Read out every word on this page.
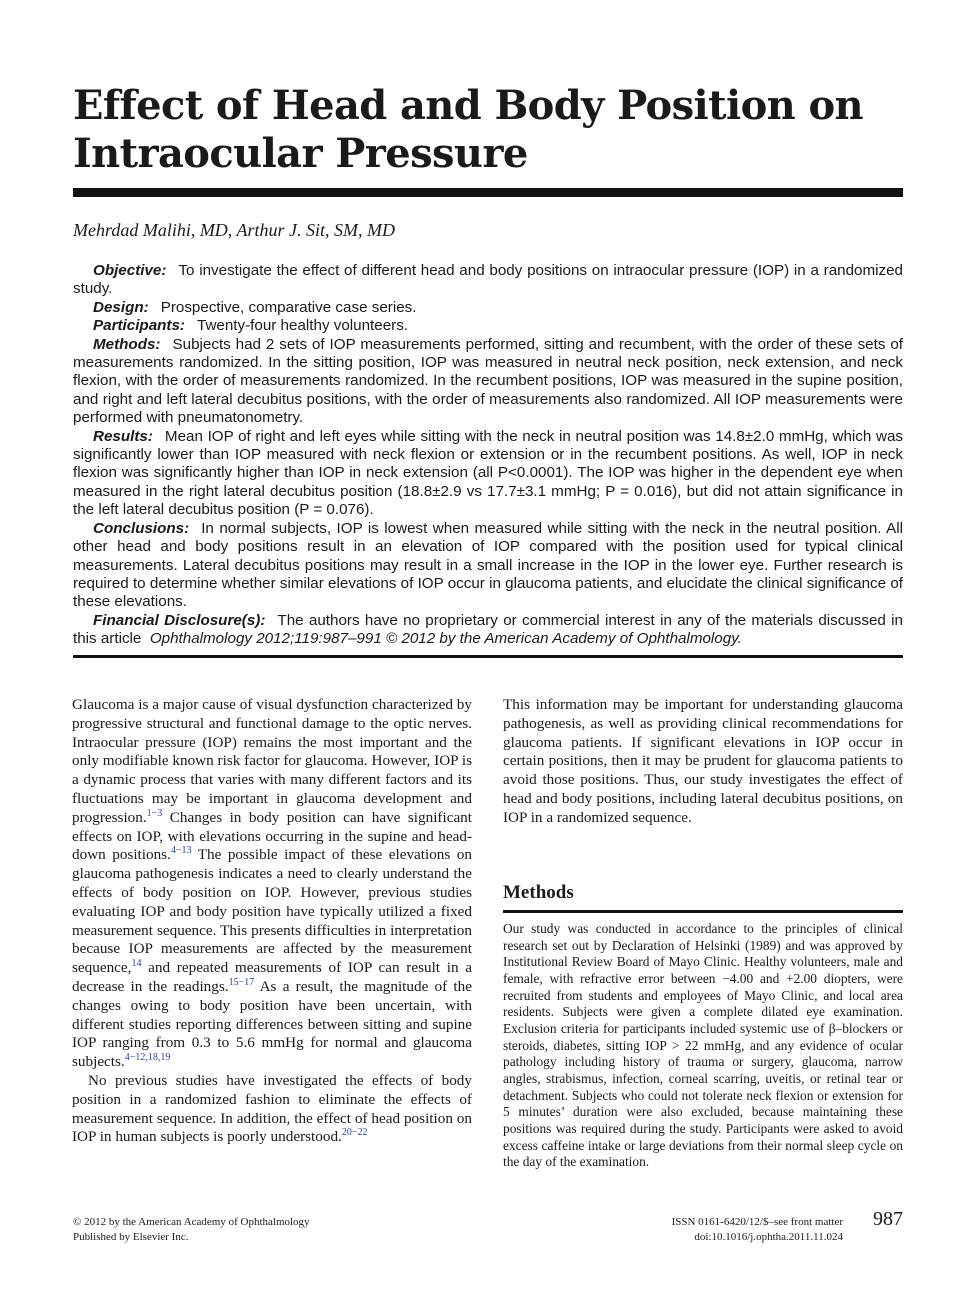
Effect of Head and Body Position on Intraocular Pressure
Mehrdad Malihi, MD, Arthur J. Sit, SM, MD

Objective: To investigate the effect of different head and body positions on intraocular pressure (IOP) in a randomized study.

Design: Prospective, comparative case series.

Participants: Twenty-four healthy volunteers.

Methods: Subjects had 2 sets of IOP measurements performed, sitting and recumbent, with the order of these sets of measurements randomized. In the sitting position, IOP was measured in neutral neck position, neck extension, and neck flexion, with the order of measurements randomized. In the recumbent positions, IOP was measured in the supine position, and right and left lateral decubitus positions, with the order of measurements also randomized. All IOP measurements were performed with pneumatonometry.

Results: Mean IOP of right and left eyes while sitting with the neck in neutral position was 14.8±2.0 mmHg, which was significantly lower than IOP measured with neck flexion or extension or in the recumbent positions. As well, IOP in neck flexion was significantly higher than IOP in neck extension (all P<0.0001). The IOP was higher in the dependent eye when measured in the right lateral decubitus position (18.8±2.9 vs 17.7±3.1 mmHg; P = 0.016), but did not attain significance in the left lateral decubitus position (P = 0.076).

Conclusions: In normal subjects, IOP is lowest when measured while sitting with the neck in the neutral position. All other head and body positions result in an elevation of IOP compared with the position used for typical clinical measurements. Lateral decubitus positions may result in a small increase in the IOP in the lower eye. Further research is required to determine whether similar elevations of IOP occur in glaucoma patients, and elucidate the clinical significance of these elevations.

Financial Disclosure(s): The authors have no proprietary or commercial interest in any of the materials discussed in this article Ophthalmology 2012;119:987–991 © 2012 by the American Academy of Ophthalmology.

Glaucoma is a major cause of visual dysfunction characterized by progressive structural and functional damage to the optic nerves. Intraocular pressure (IOP) remains the most important and the only modifiable known risk factor for glaucoma. However, IOP is a dynamic process that varies with many different factors and its fluctuations may be important in glaucoma development and progression.$^{1-3}$ Changes in body position can have significant effects on IOP, with elevations occurring in the supine and head-down positions.$^{4-13}$ The possible impact of these elevations on glaucoma pathogenesis indicates a need to clearly understand the effects of body position on IOP. However, previous studies evaluating IOP and body position have typically utilized a fixed measurement sequence. This presents difficulties in interpretation because IOP measurements are affected by the measurement sequence,$^{14}$ and repeated measurements of IOP can result in a decrease in the readings.$^{15-17}$ As a result, the magnitude of the changes owing to body position have been uncertain, with different studies reporting differences between sitting and supine IOP ranging from 0.3 to 5.6 mmHg for normal and glaucoma subjects.$^{4-12,18,19}$

No previous studies have investigated the effects of body position in a randomized fashion to eliminate the effects of measurement sequence. In addition, the effect of head position on IOP in human subjects is poorly understood.$^{20-22}$

This information may be important for understanding glaucoma pathogenesis, as well as providing clinical recommendations for glaucoma patients. If significant elevations in IOP occur in certain positions, then it may be prudent for glaucoma patients to avoid those positions. Thus, our study investigates the effect of head and body positions, including lateral decubitus positions, on IOP in a randomized sequence.

Methods

Our study was conducted in accordance to the principles of clinical research set out by Declaration of Helsinki (1989) and was approved by Institutional Review Board of Mayo Clinic. Healthy volunteers, male and female, with refractive error between −4.00 and +2.00 diopters, were recruited from students and employees of Mayo Clinic, and local area residents. Subjects were given a complete dilated eye examination. Exclusion criteria for participants included systemic use of β–blockers or steroids, diabetes, sitting IOP > 22 mmHg, and any evidence of ocular pathology including history of trauma or surgery, glaucoma, narrow angles, strabismus, infection, corneal scarring, uveitis, or retinal tear or detachment. Subjects who could not tolerate neck flexion or extension for 5 minutes’ duration were also excluded, because maintaining these positions was required during the study. Participants were asked to avoid excess caffeine intake or large deviations from their normal sleep cycle on the day of the examination.

© 2012 by the American Academy of Ophthalmology
Published by Elsevier Inc.
ISSN 0161-6420/12/$–see front matter
doi:10.1016/j.ophtha.2011.11.024
987
